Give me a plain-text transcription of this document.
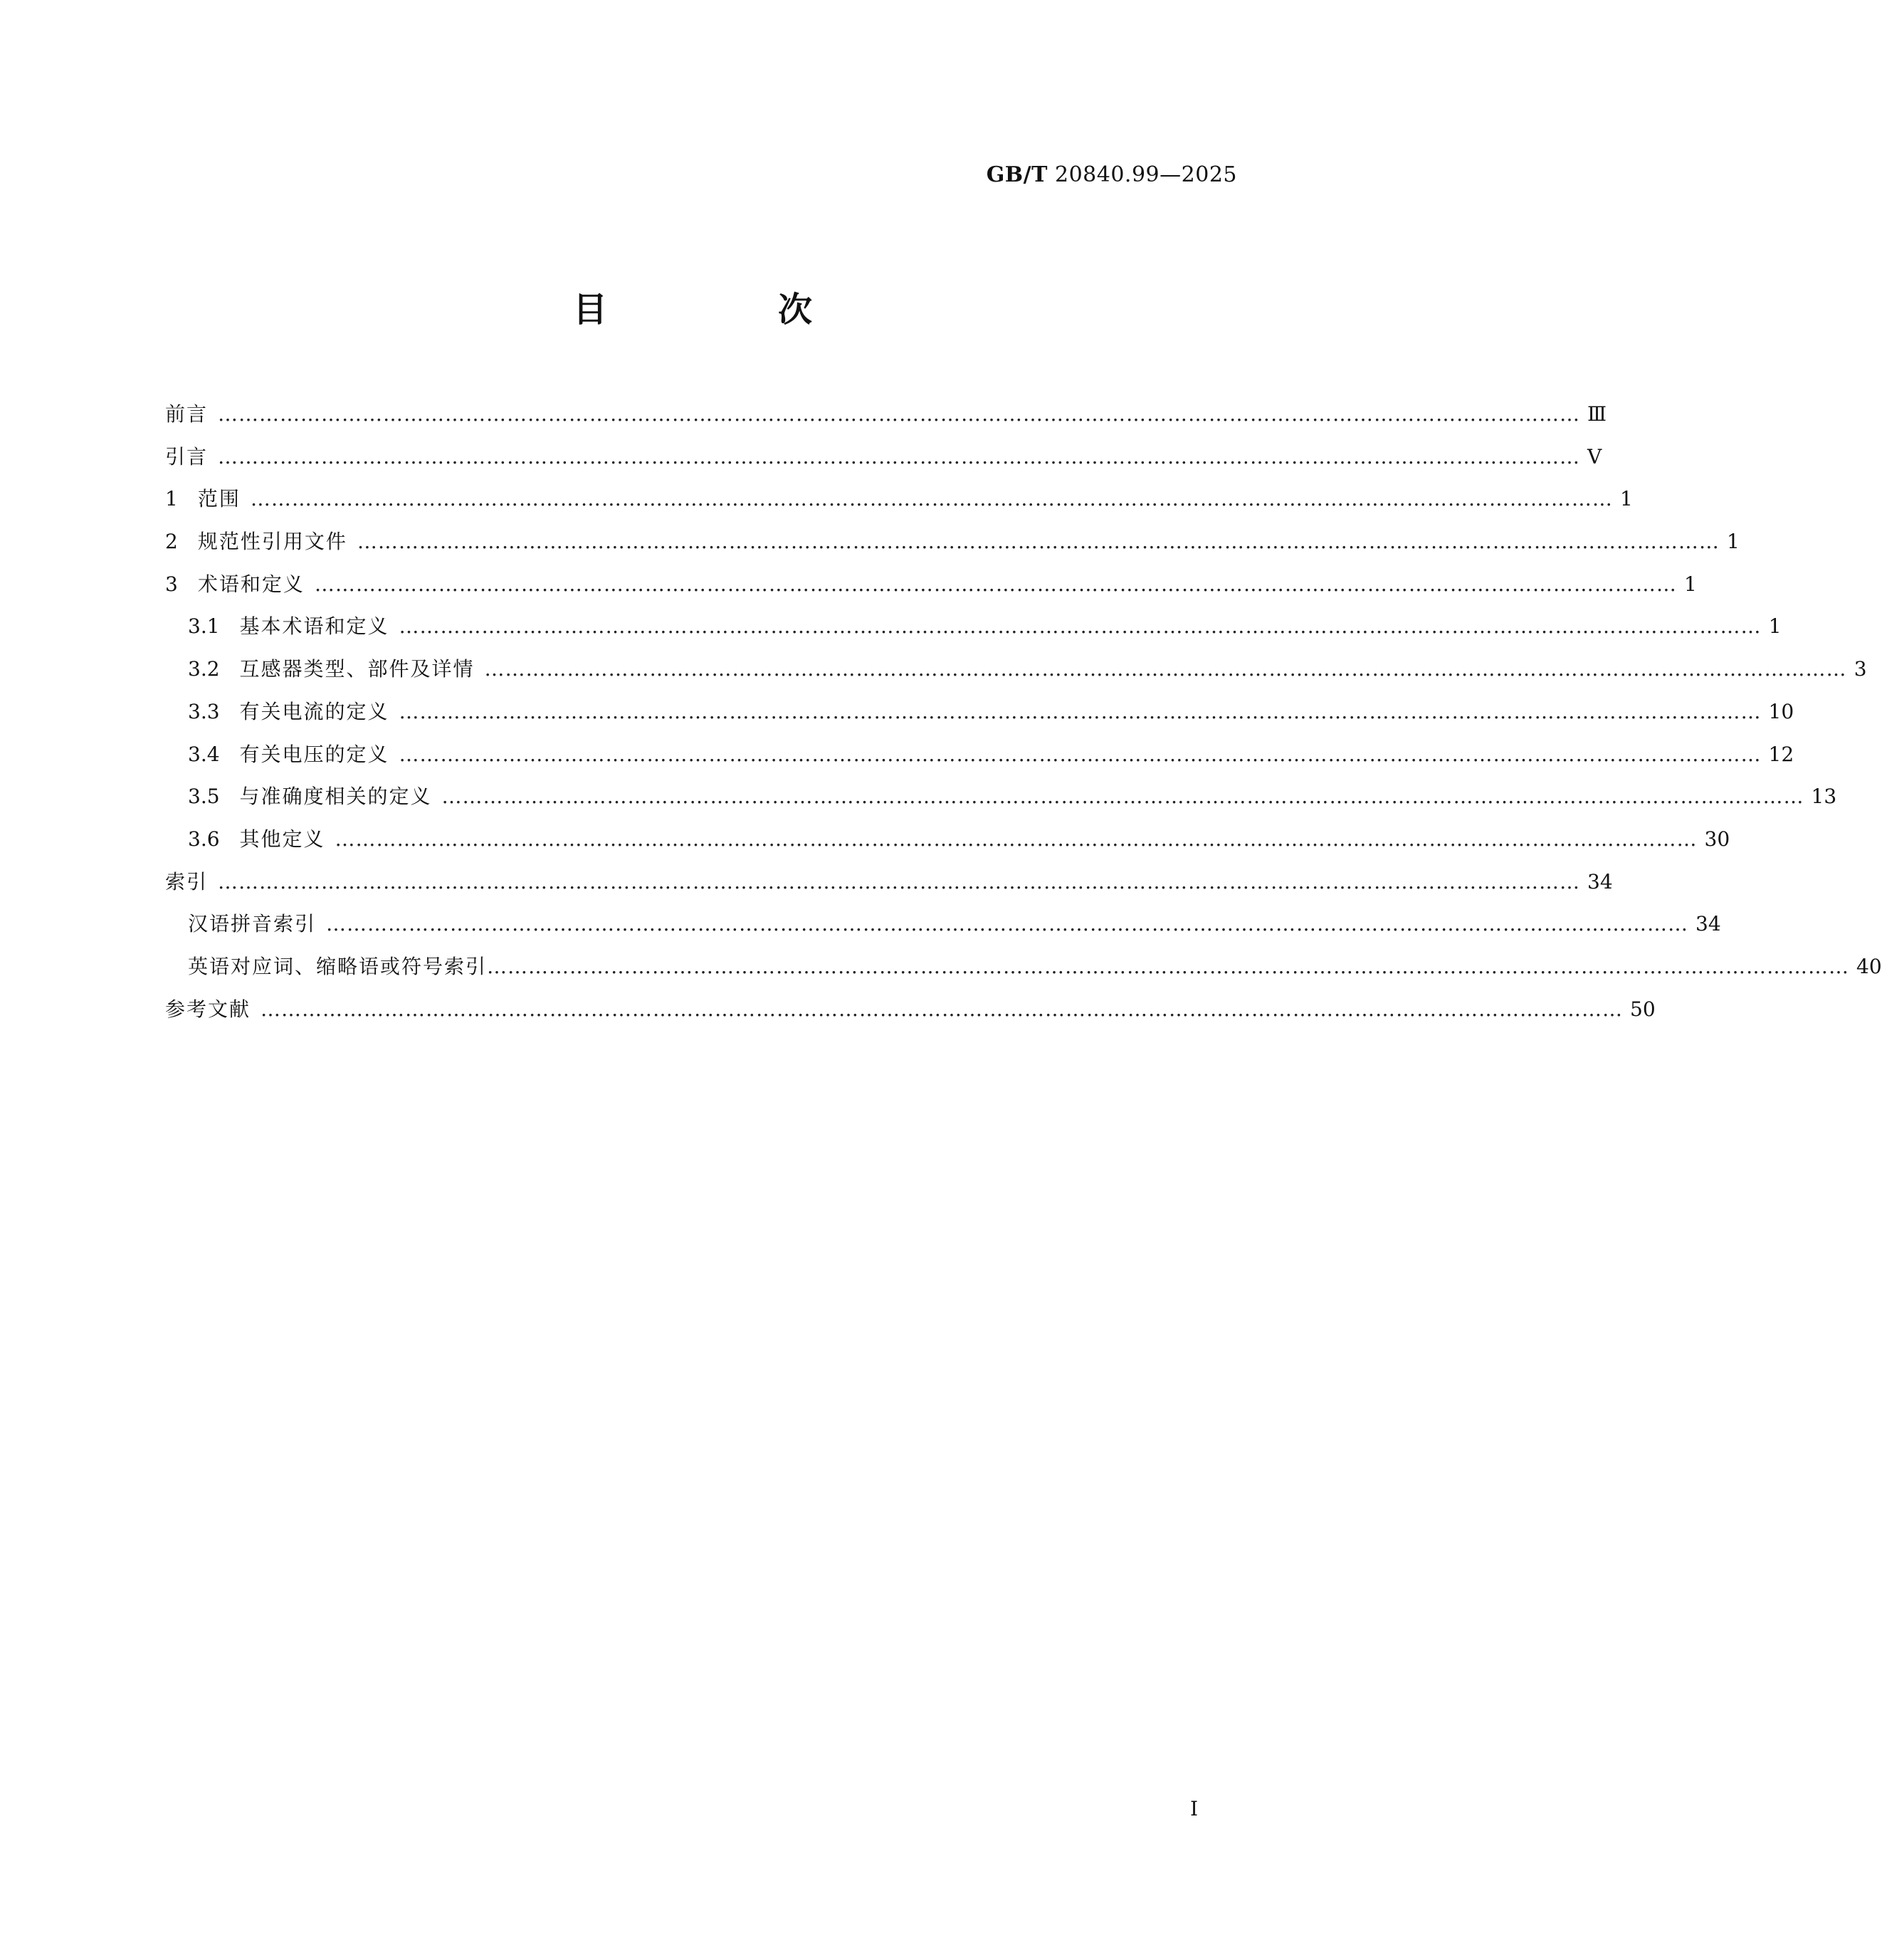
GB/T 20840.99—2025
目　次
前言 ……………………………………………………………………………………………………………………………………………………………………………… Ⅲ
引言 ……………………………………………………………………………………………………………………………………………………………………………… Ⅴ
1 范围 ……………………………………………………………………………………………………………………………………………………………………………… 1
2 规范性引用文件 ……………………………………………………………………………………………………………………………………………………………………………… 1
3 术语和定义 ……………………………………………………………………………………………………………………………………………………………………………… 1
3.1 基本术语和定义 ……………………………………………………………………………………………………………………………………………………………………………… 1
3.2 互感器类型、部件及详情 ……………………………………………………………………………………………………………………………………………………………………………… 3
3.3 有关电流的定义 ……………………………………………………………………………………………………………………………………………………………………………… 10
3.4 有关电压的定义 ……………………………………………………………………………………………………………………………………………………………………………… 12
3.5 与准确度相关的定义 ……………………………………………………………………………………………………………………………………………………………………………… 13
3.6 其他定义 ……………………………………………………………………………………………………………………………………………………………………………… 30
索引 ……………………………………………………………………………………………………………………………………………………………………………… 34
汉语拼音索引 ……………………………………………………………………………………………………………………………………………………………………………… 34
英语对应词、缩略语或符号索引 ……………………………………………………………………………………………………………………………………………………………………………… 40
参考文献 ……………………………………………………………………………………………………………………………………………………………………………… 50
I
